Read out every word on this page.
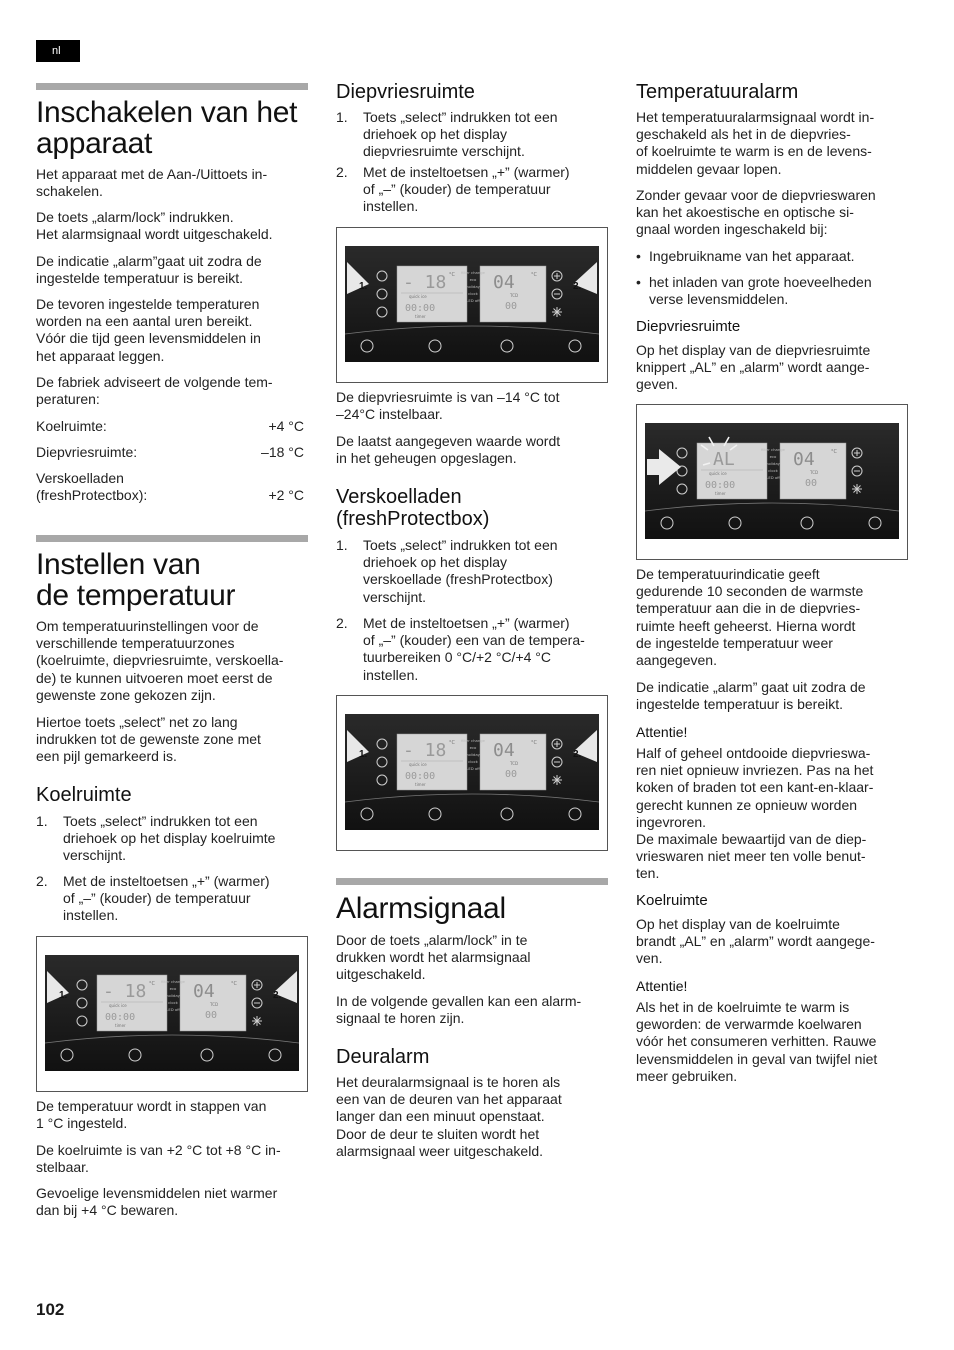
nl
Inschakelen van het
apparaat

Het apparaat met de Aan-/Uittoets in-
schakelen.

De toets „alarm/lock” indrukken.
Het alarmsignaal wordt uitgeschakeld.

De indicatie „alarm”gaat uit zodra de
ingestelde temperatuur is bereikt.

De tevoren ingestelde temperaturen
worden na een aantal uren bereikt.
Vóór die tijd geen levensmiddelen in
het apparaat leggen.

De fabriek adviseert de volgende tem-
peraturen:

Koelruimte:	+4 °C
Diepvriesruimte:	–18 °C
Verskoelladen
(freshProtectbox):	+2 °C
Instellen van
de temperatuur

Om temperatuurinstellingen voor de
verschillende temperatuurzones
(koelruimte, diepvriesruimte, verskoella-
de) te kunnen uitvoeren moet eerst de
gewenste zone gekozen zijn.

Hiertoe toets „select” net zo lang
indrukken tot de gewenste zone met
een pijl gemarkeerd is.

Koelruimte
1. Toets „select” indrukken tot een
driehoek op het display koelruimte
verschijnt.
2. Met de insteltoetsen „+” (warmer)
of „–” (kouder) de temperatuur
instellen.
- 18 °C
quick ice
00:00
timer
filter change
eco
holiday
clock
LED off
04	°C
TCD
00
1.	2.

De temperatuur wordt in stappen van
1 °C ingesteld.

De koelruimte is van +2 °C tot +8 °C in-
stelbaar.

Gevoelige levensmiddelen niet warmer
dan bij +4 °C bewaren.

Diepvriesruimte
1. Toets „select” indrukken tot een
driehoek op het display
diepvriesruimte verschijnt.
2. Met de insteltoetsen „+” (warmer)
of „–” (kouder) de temperatuur
instellen.
- 18 °C
quick ice
00:00
timer
filter change
eco
holiday
clock
LED off
04	°C
TCD
00
1.	2.

De diepvriesruimte is van –14 °C tot
–24°C instelbaar.

De laatst aangegeven waarde wordt
in het geheugen opgeslagen.

Verskoelladen
(freshProtectbox)
1. Toets „select” indrukken tot een
driehoek op het display
verskoellade (freshProtectbox)
verschijnt.
2. Met de insteltoetsen „+” (warmer)
of „–” (kouder) een van de tempera-
tuurbereiken 0 °C/+2 °C/+4 °C
instellen.
- 18 °C
quick ice
00:00
timer
filter change
eco
holiday
clock
LED off
04	°C
TCD
00
1.	2.
Alarmsignaal

Door de toets „alarm/lock” in te
drukken wordt het alarmsignaal
uitgeschakeld.

In de volgende gevallen kan een alarm-
signaal te horen zijn.

Deuralarm

Het deuralarmsignaal is te horen als
een van de deuren van het apparaat
langer dan een minuut openstaat.
Door de deur te sluiten wordt het
alarmsignaal weer uitgeschakeld.

Temperatuuralarm

Het temperatuuralarmsignaal wordt in-
geschakeld als het in de diepvries-
of koelruimte te warm is en de levens-
middelen gevaar lopen.

Zonder gevaar voor de diepvrieswaren
kan het akoestische en optische si-
gnaal worden ingeschakeld bij:

• Ingebruikname van het apparaat.
• het inladen van grote hoeveelheden
verse levensmiddelen.
Diepvriesruimte

Op het display van de diepvriesruimte
knippert „AL” en „alarm” wordt aange-
geven.

AL
quick ice
00:00
timer
filter change
eco
holiday
clock
LED off
04	°C
TCD
00

De temperatuurindicatie geeft
gedurende 10 seconden de warmste
temperatuur aan die in de diepvries-
ruimte heeft geheerst. Hierna wordt
de ingestelde temperatuur weer
aangegeven.

De indicatie „alarm” gaat uit zodra de
ingestelde temperatuur is bereikt.

Attentie!

Half of geheel ontdooide diepvrieswa-
ren niet opnieuw invriezen. Pas na het
koken of braden tot een kant-en-klaar-
gerecht kunnen ze opnieuw worden
ingevroren.
De maximale bewaartijd van de diep-
vrieswaren niet meer ten volle benut-
ten.

Koelruimte

Op het display van de koelruimte
brandt „AL” en „alarm” wordt aangege-
ven.

Attentie!

Als het in de koelruimte te warm is
geworden: de verwarmde koelwaren
vóór het consumeren verhitten. Rauwe
levensmiddelen in geval van twijfel niet
meer gebruiken.

102
